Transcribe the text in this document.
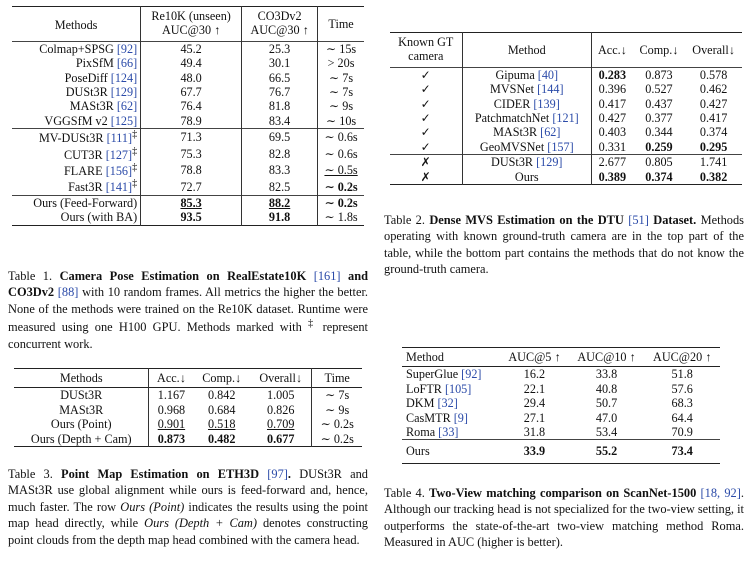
Methods	Re10K (unseen)	CO3Dv2	Time
	AUC@30 ↑	AUC@30 ↑	
Colmap+SPSG [92]	45.2	25.3	∼ 15s
PixSfM [66]	49.4	30.1	> 20s
PoseDiff [124]	48.0	66.5	∼ 7s
DUSt3R [129]	67.7	76.7	∼ 7s
MASt3R [62]	76.4	81.8	∼ 9s
VGGSfM v2 [125]	78.9	83.4	∼ 10s
MV-DUSt3R [111]‡	71.3	69.5	∼ 0.6s
CUT3R [127]‡	75.3	82.8	∼ 0.6s
FLARE [156]‡	78.8	83.3	∼ 0.5s
Fast3R [141]‡	72.7	82.5	∼ 0.2s
Ours (Feed-Forward)	85.3	88.2	∼ 0.2s
Ours (with BA)	93.5	91.8	∼ 1.8s
Table 1. Camera Pose Estimation on RealEstate10K [161] and CO3Dv2 [88] with 10 random frames. All metrics the higher the better. None of the methods were trained on the Re10K dataset. Runtime were measured using one H100 GPU. Methods marked with ‡ represent concurrent work.
Known GT	Method	Acc.↓	Comp.↓	Overall↓
camera				
✓	Gipuma [40]	0.283	0.873	0.578
✓	MVSNet [144]	0.396	0.527	0.462
✓	CIDER [139]	0.417	0.437	0.427
✓	PatchmatchNet [121]	0.427	0.377	0.417
✓	MASt3R [62]	0.403	0.344	0.374
✓	GeoMVSNet [157]	0.331	0.259	0.295
✗	DUSt3R [129]	2.677	0.805	1.741
✗	Ours	0.389	0.374	0.382
Table 2. Dense MVS Estimation on the DTU [51] Dataset. Methods operating with known ground-truth camera are in the top part of the table, while the bottom part contains the methods that do not know the ground-truth camera.
Methods	Acc.↓	Comp.↓	Overall↓	Time
DUSt3R	1.167	0.842	1.005	∼ 7s
MASt3R	0.968	0.684	0.826	∼ 9s
Ours (Point)	0.901	0.518	0.709	∼ 0.2s
Ours (Depth + Cam)	0.873	0.482	0.677	∼ 0.2s
Table 3. Point Map Estimation on ETH3D [97]. DUSt3R and MASt3R use global alignment while ours is feed-forward and, hence, much faster. The row Ours (Point) indicates the results using the point map head directly, while Ours (Depth + Cam) denotes constructing point clouds from the depth map head combined with the camera head.
Method	AUC@5 ↑	AUC@10 ↑	AUC@20 ↑
SuperGlue [92]	16.2	33.8	51.8
LoFTR [105]	22.1	40.8	57.6
DKM [32]	29.4	50.7	68.3
CasMTR [9]	27.1	47.0	64.4
Roma [33]	31.8	53.4	70.9
Ours	33.9	55.2	73.4
Table 4. Two-View matching comparison on ScanNet-1500 [18, 92]. Although our tracking head is not specialized for the two-view setting, it outperforms the state-of-the-art two-view matching method Roma. Measured in AUC (higher is better).
